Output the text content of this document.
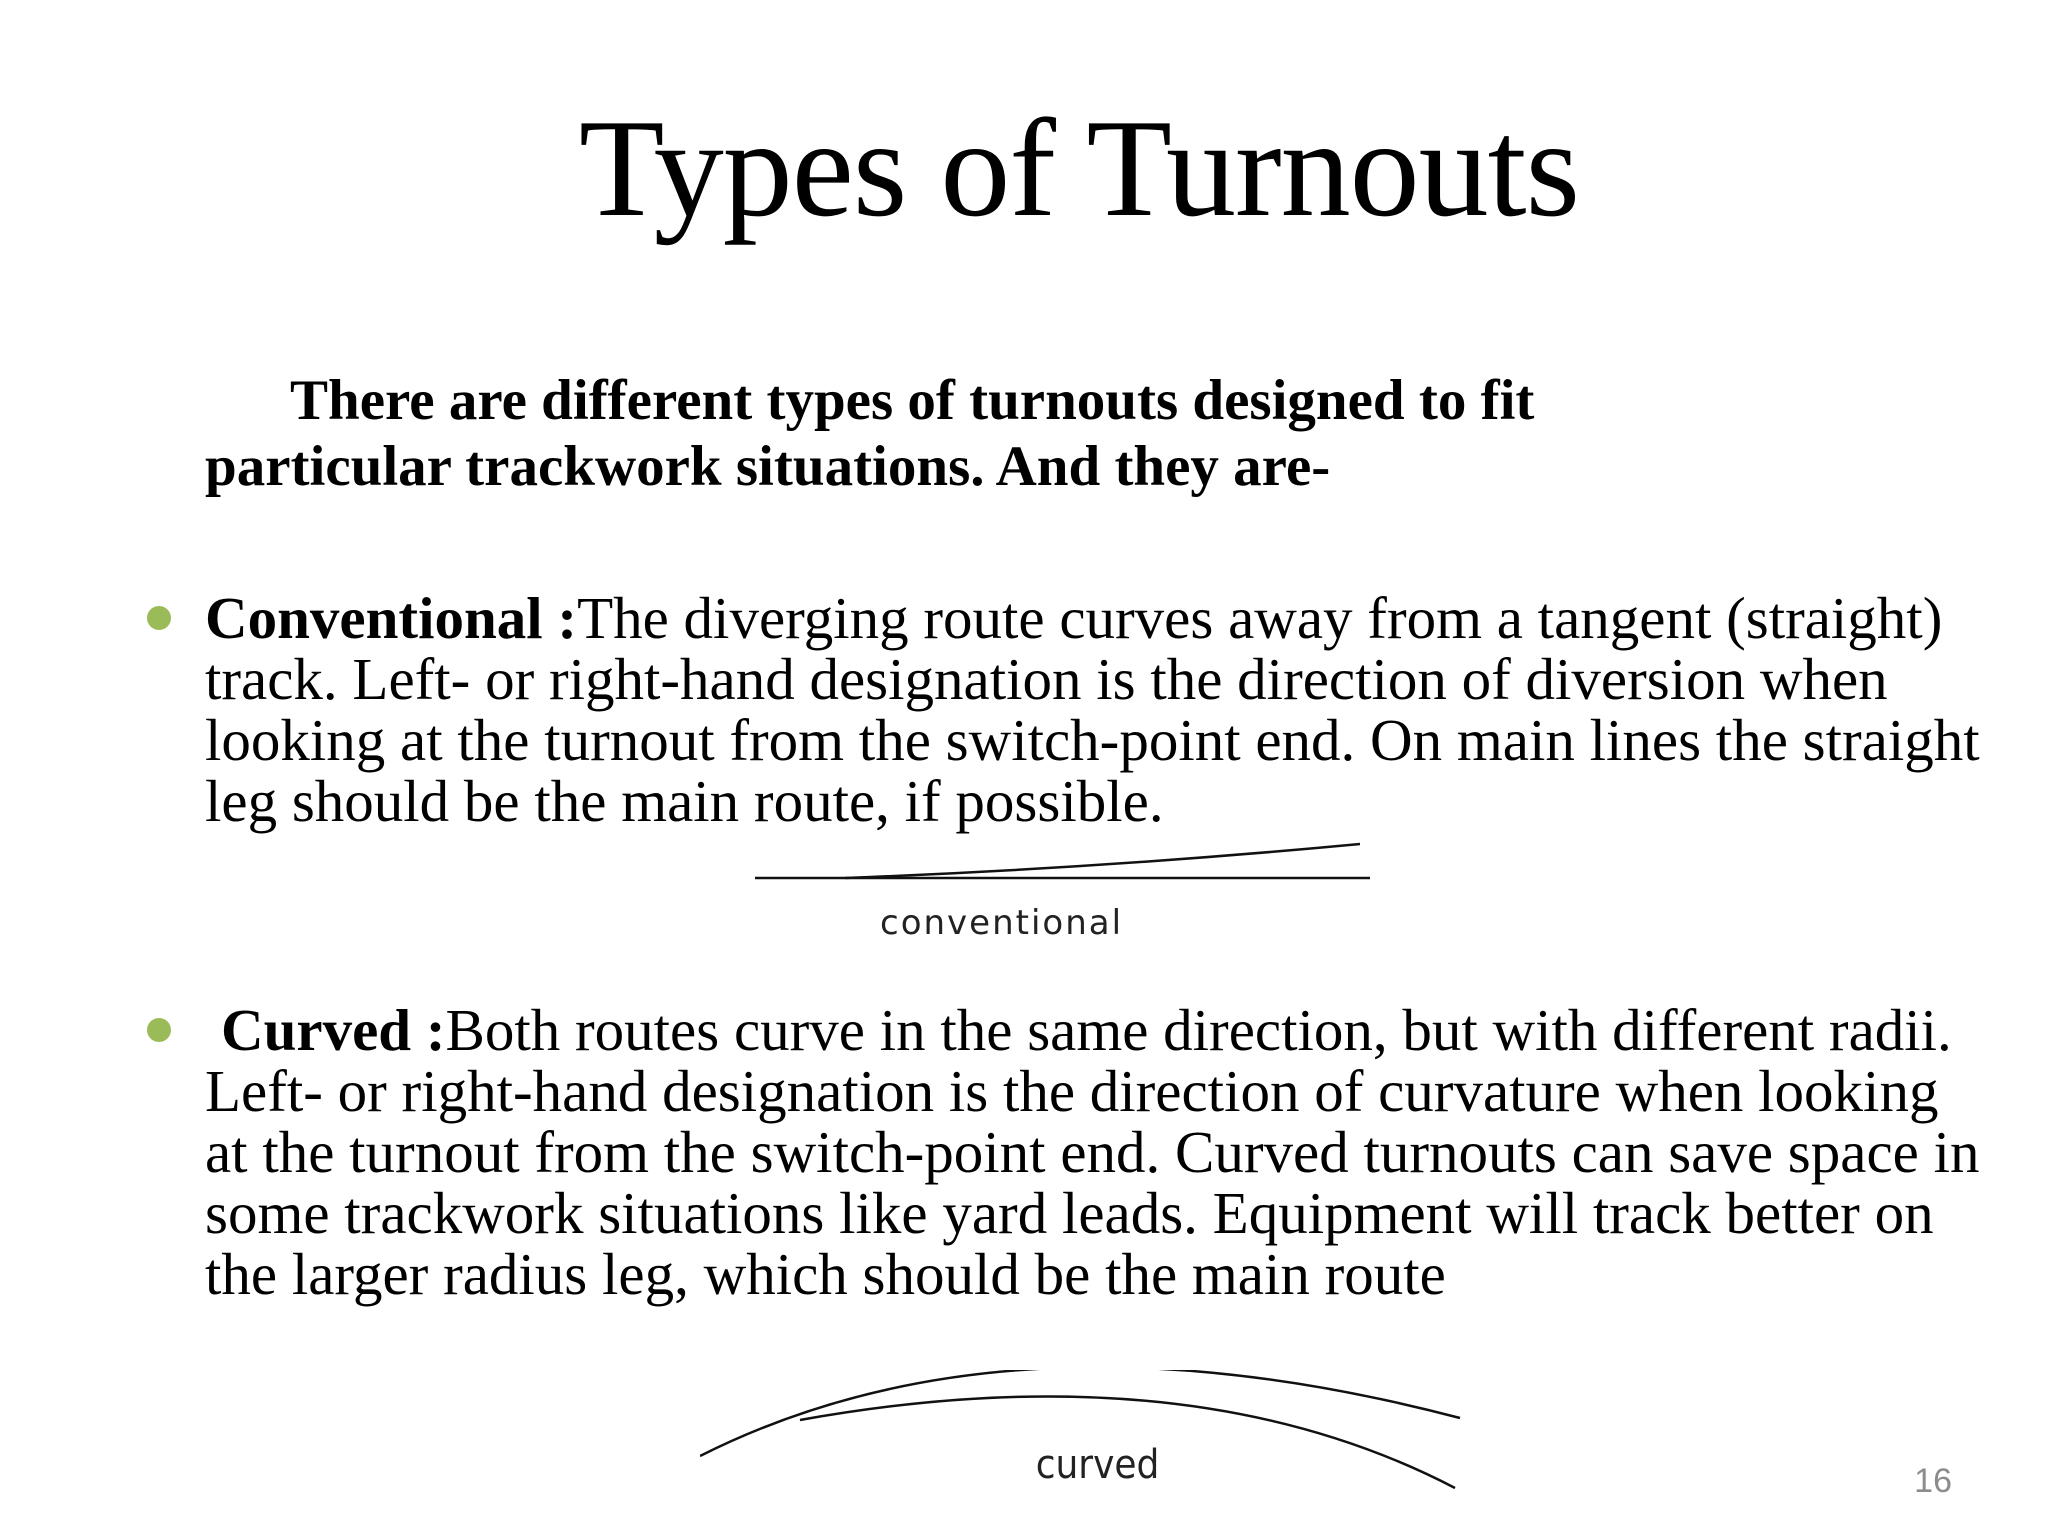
Types of Turnouts

There are different types of turnouts designed to fit
particular trackwork situations. And they are-

Conventional :The diverging route curves away from a tangent (straight) track. Left- or right-hand designation is the direction of diversion when looking at the turnout from the switch-point end. On main lines the straight leg should be the main route, if possible.

conventional

Curved :Both routes curve in the same direction, but with different radii. Left- or right-hand designation is the direction of curvature when looking at the turnout from the switch-point end. Curved turnouts can save space in some trackwork situations like yard leads. Equipment will track better on the larger radius leg, which should be the main route

curved	16
